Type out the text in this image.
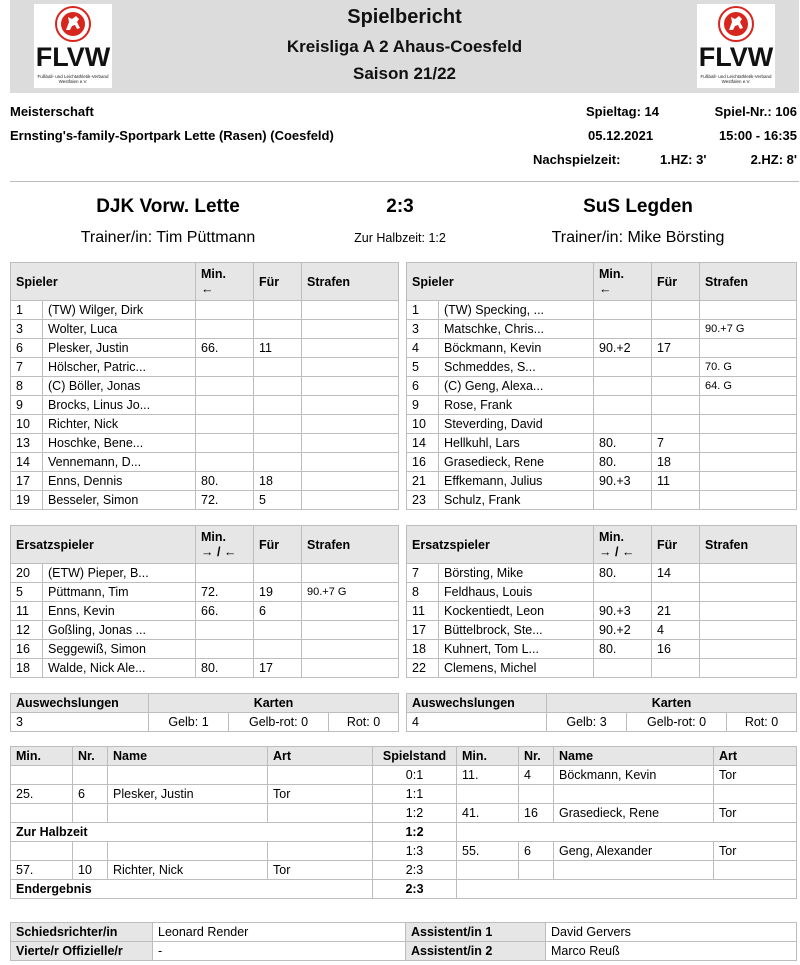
FLVW
Fußball- und Leichtathletik-Verband Westfalen e.V.
Spielbericht
Kreisliga A 2 Ahaus-Coesfeld
Saison 21/22
FLVW
Fußball- und Leichtathletik-Verband Westfalen e.V.
Meisterschaft
Ernsting's-family-Sportpark Lette (Rasen) (Coesfeld)
Spieltag: 14	Spiel-Nr.: 106
05.12.2021	15:00 - 16:35
Nachspielzeit:	1.HZ: 3'	2.HZ: 8'
DJK Vorw. Lette	2:3	SuS Legden
Trainer/in: Tim Püttmann	Zur Halbzeit: 1:2	Trainer/in: Mike Börsting
Spieler		Min.
←	Für	Strafen
1	(TW) Wilger, Dirk			
3	Wolter, Luca			
6	Plesker, Justin	66.	11	
7	Hölscher, Patric...			
8	(C) Böller, Jonas			
9	Brocks, Linus Jo...			
10	Richter, Nick			
13	Hoschke, Bene...			
14	Vennemann, D...			
17	Enns, Dennis	80.	18	
19	Besseler, Simon	72.	5	
Spieler		Min.
←	Für	Strafen
1	(TW) Specking, ...			
3	Matschke, Chris...			90.+7 G
4	Böckmann, Kevin	90.+2	17	
5	Schmeddes, S...			70. G
6	(C) Geng, Alexa...			64. G
9	Rose, Frank			
10	Steverding, David			
14	Hellkuhl, Lars	80.	7	
16	Grasedieck, Rene	80.	18	
21	Effkemann, Julius	90.+3	11	
23	Schulz, Frank			
Ersatzspieler		Min.
→ / ←	Für	Strafen
20	(ETW) Pieper, B...			
5	Püttmann, Tim	72.	19	90.+7 G
11	Enns, Kevin	66.	6	
12	Goßling, Jonas ...			
16	Seggewiß, Simon			
18	Walde, Nick Ale...	80.	17	
Ersatzspieler		Min.
→ / ←	Für	Strafen
7	Börsting, Mike	80.	14	
8	Feldhaus, Louis			
11	Kockentiedt, Leon	90.+3	21	
17	Büttelbrock, Ste...	90.+2	4	
18	Kuhnert, Tom L...	80.	16	
22	Clemens, Michel			
Auswechslungen	Karten		
3	Gelb: 1	Gelb-rot: 0	Rot: 0
Auswechslungen	Karten		
4	Gelb: 3	Gelb-rot: 0	Rot: 0
Min.	Nr.	Name	Art	Spielstand	Min.	Nr.	Name	Art
				0:1	11.	4	Böckmann, Kevin	Tor
25.	6	Plesker, Justin	Tor	1:1				
				1:2	41.	16	Grasedieck, Rene	Tor
Zur Halbzeit				1:2				
				1:3	55.	6	Geng, Alexander	Tor
57.	10	Richter, Nick	Tor	2:3				
Endergebnis				2:3				
Schiedsrichter/in	Leonard Render	Assistent/in 1	David Gervers
Vierte/r Offizielle/r	-	Assistent/in 2	Marco Reuß
